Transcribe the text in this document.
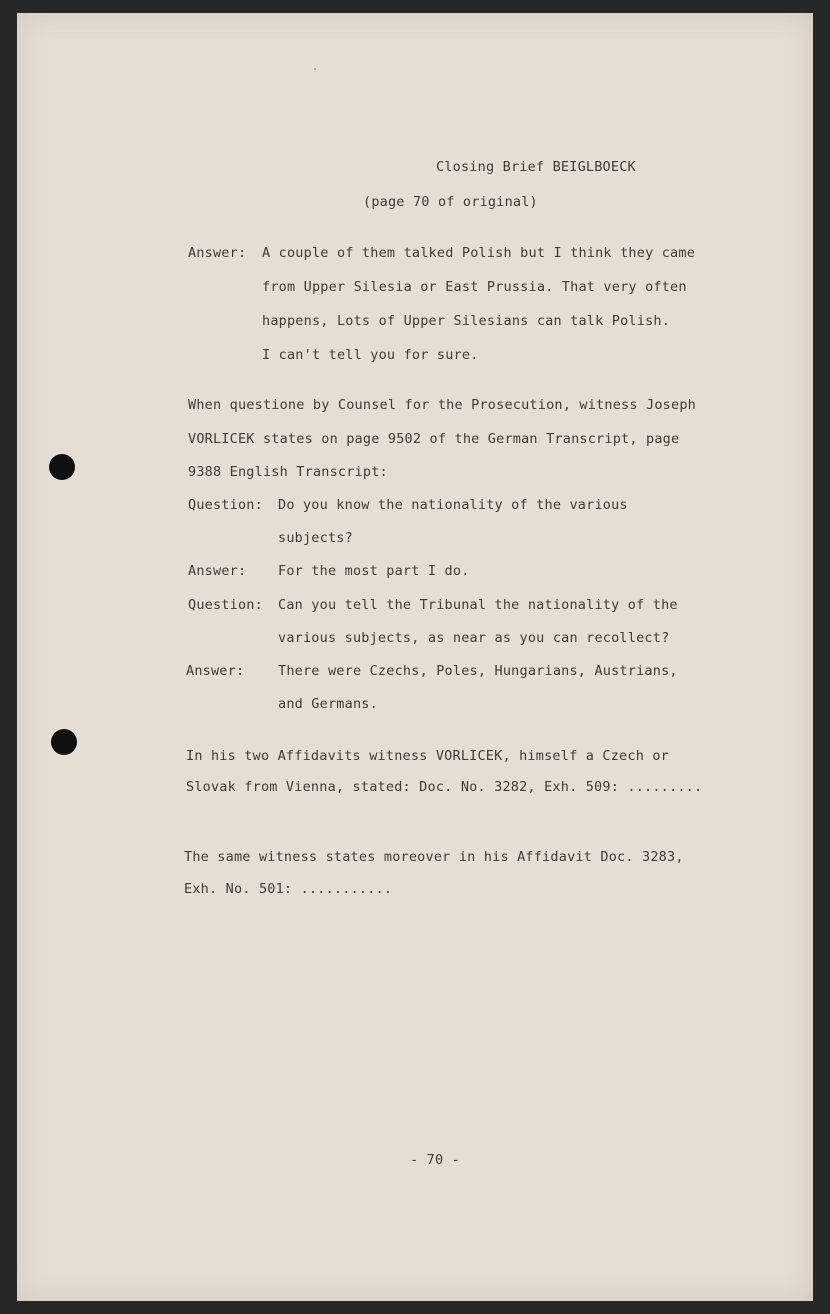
Closing Brief BEIGLBOECK
(page 70 of original)
Answer: A couple of them talked Polish but I think they came
from Upper Silesia or East Prussia. That very often
happens, Lots of Upper Silesians can talk Polish.
I can't tell you for sure.
When questione by Counsel for the Prosecution, witness Joseph
VORLICEK states on page 9502 of the German Transcript, page
9388 English Transcript:
Question: Do you know the nationality of the various
subjects?
Answer: For the most part I do.
Question: Can you tell the Tribunal the nationality of the
various subjects, as near as you can recollect?
Answer: There were Czechs, Poles, Hungarians, Austrians,
and Germans.
In his two Affidavits witness VORLICEK, himself a Czech or
Slovak from Vienna, stated: Doc. No. 3282, Exh. 509: .........
The same witness states moreover in his Affidavit Doc. 3283,
Exh. No. 501: ...........
- 70 -
